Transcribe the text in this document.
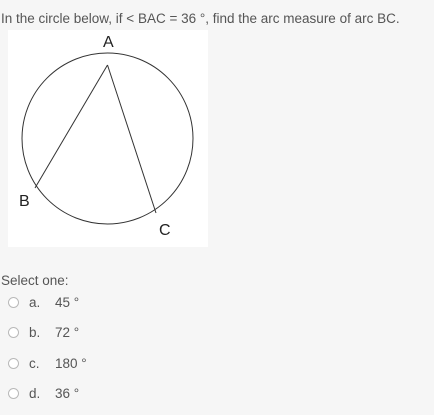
In the circle below, if < BAC = 36 °, find the arc measure of arc BC.
A
B
C
Select one:
a.	45 °
b.	72 °
c.	180 °
d.	36 °
